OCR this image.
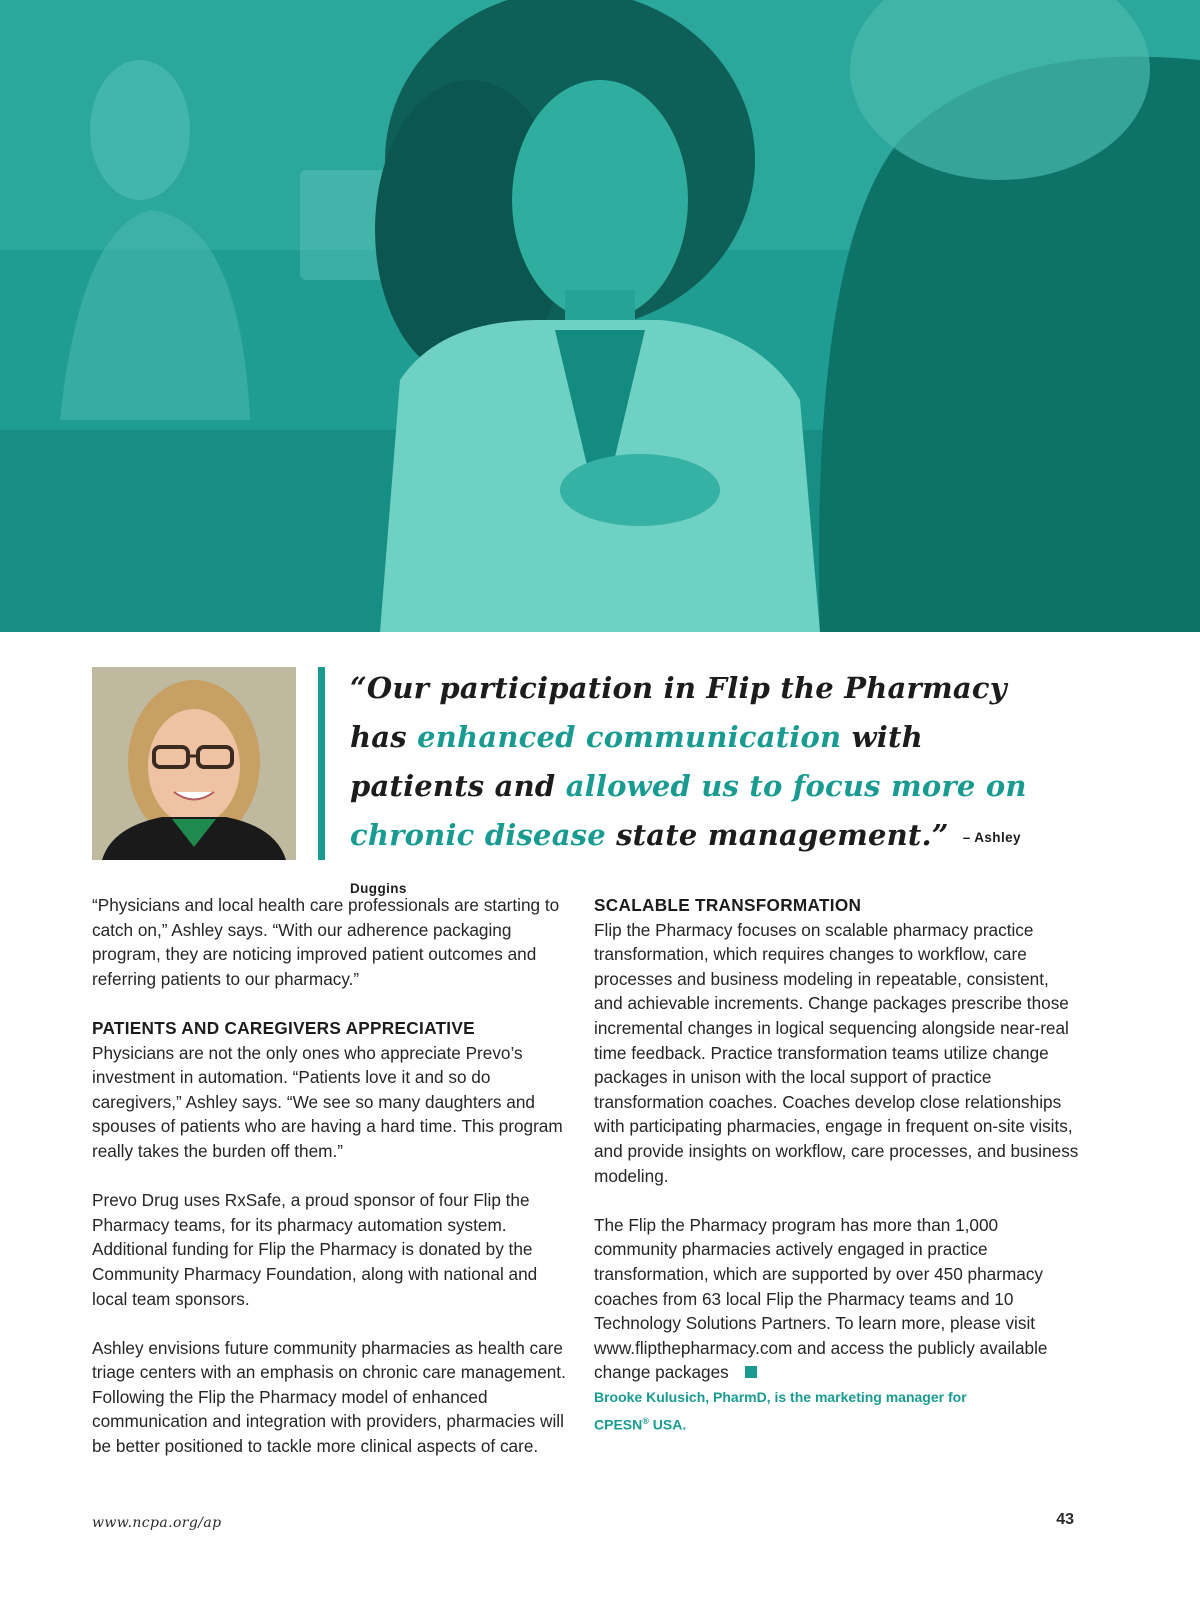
“Our participation in Flip the Pharmacy has enhanced communication with patients and allowed us to focus more on chronic disease state management.” – Ashley Duggins

“Physicians and local health care professionals are starting to catch on,” Ashley says. “With our adherence packaging program, they are noticing improved patient outcomes and referring patients to our pharmacy.”

PATIENTS AND CAREGIVERS APPRECIATIVE

Physicians are not the only ones who appreciate Prevo’s investment in automation. “Patients love it and so do caregivers,” Ashley says. “We see so many daughters and spouses of patients who are having a hard time. This program really takes the burden off them.”

Prevo Drug uses RxSafe, a proud sponsor of four Flip the Pharmacy teams, for its pharmacy automation system. Additional funding for Flip the Pharmacy is donated by the Community Pharmacy Foundation, along with national and local team sponsors.

Ashley envisions future community pharmacies as health care triage centers with an emphasis on chronic care management. Following the Flip the Pharmacy model of enhanced communication and integration with providers, pharmacies will be better positioned to tackle more clinical aspects of care.

SCALABLE TRANSFORMATION

Flip the Pharmacy focuses on scalable pharmacy practice transformation, which requires changes to workflow, care processes and business modeling in repeatable, consistent, and achievable increments. Change packages prescribe those incremental changes in logical sequencing alongside near-real time feedback. Practice transformation teams utilize change packages in unison with the local support of practice transformation coaches. Coaches develop close relationships with participating pharmacies, engage in frequent on-site visits, and provide insights on workflow, care processes, and business modeling.

The Flip the Pharmacy program has more than 1,000 community pharmacies actively engaged in practice transformation, which are supported by over 450 pharmacy coaches from 63 local Flip the Pharmacy teams and 10 Technology Solutions Partners. To learn more, please visit www.flipthepharmacy.com and access the publicly available change packages

Brooke Kulusich, PharmD, is the marketing manager for
CPESN® USA.

www.ncpa.org/ap	43
